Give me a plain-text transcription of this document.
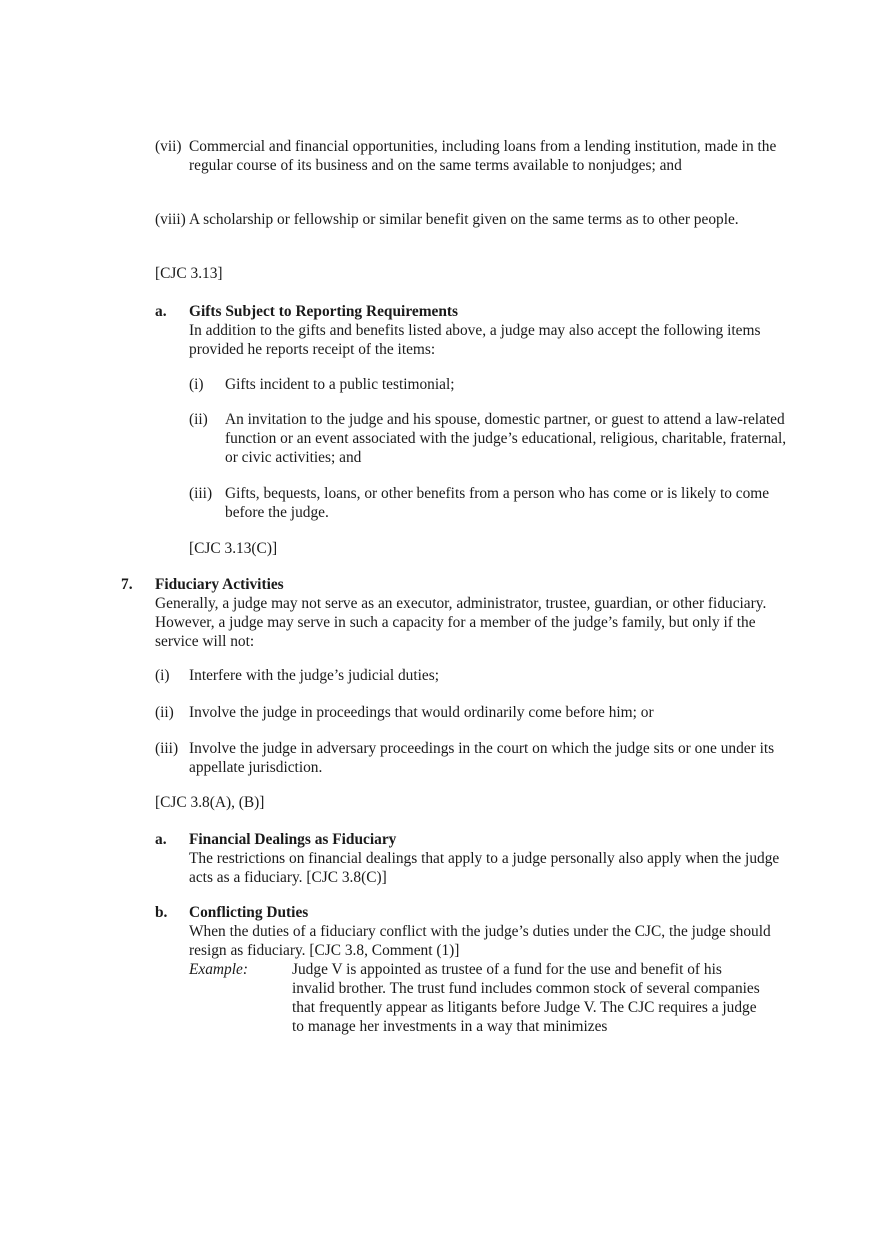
(vii) Commercial and financial opportunities, including loans from a lending institution, made in the regular course of its business and on the same terms available to nonjudges; and
(viii) A scholarship or fellowship or similar benefit given on the same terms as to other people.
[CJC 3.13]
a. Gifts Subject to Reporting Requirements
In addition to the gifts and benefits listed above, a judge may also accept the following items provided he reports receipt of the items:
(i) Gifts incident to a public testimonial;
(ii) An invitation to the judge and his spouse, domestic partner, or guest to attend a law-related function or an event associated with the judge’s educational, religious, charitable, fraternal, or civic activities; and
(iii) Gifts, bequests, loans, or other benefits from a person who has come or is likely to come before the judge.
[CJC 3.13(C)]
7. Fiduciary Activities
Generally, a judge may not serve as an executor, administrator, trustee, guardian, or other fiduciary. However, a judge may serve in such a capacity for a member of the judge’s family, but only if the service will not:
(i) Interfere with the judge’s judicial duties;
(ii) Involve the judge in proceedings that would ordinarily come before him; or
(iii) Involve the judge in adversary proceedings in the court on which the judge sits or one under its appellate jurisdiction.
[CJC 3.8(A), (B)]
a. Financial Dealings as Fiduciary
The restrictions on financial dealings that apply to a judge personally also apply when the judge acts as a fiduciary. [CJC 3.8(C)]
b. Conflicting Duties
When the duties of a fiduciary conflict with the judge’s duties under the CJC, the judge should resign as fiduciary. [CJC 3.8, Comment (1)]
Example:	Judge V is appointed as trustee of a fund for the use and benefit of his invalid brother. The trust fund includes common stock of several companies that frequently appear as litigants before Judge V. The CJC requires a judge to manage her investments in a way that minimizes
